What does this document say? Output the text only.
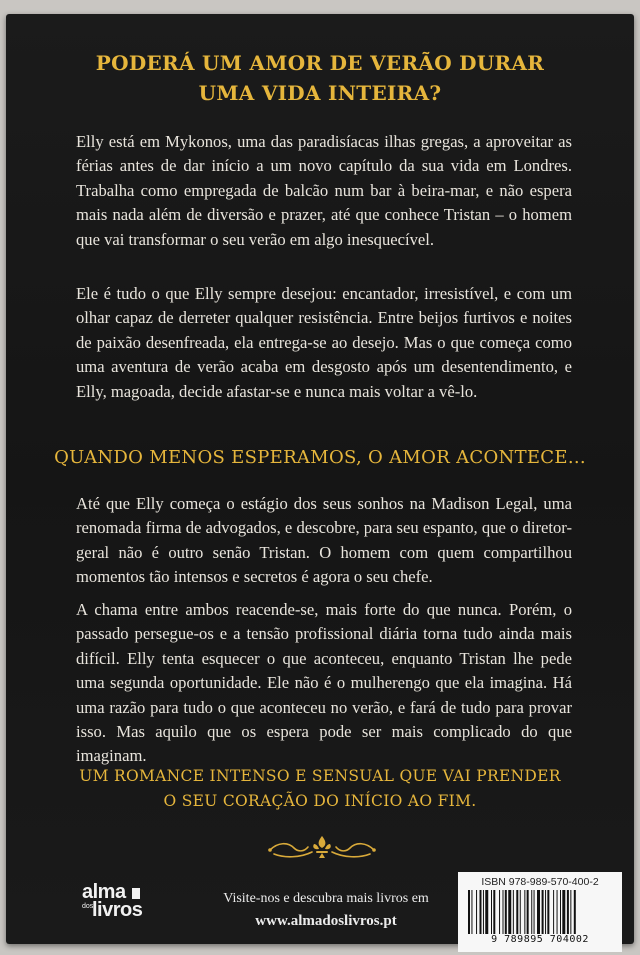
PODERÁ UM AMOR DE VERÃO DURAR
UMA VIDA INTEIRA?

Elly está em Mykonos, uma das paradisíacas ilhas gregas, a aproveitar as férias antes de dar início a um novo capítulo da sua vida em Londres. Trabalha como empregada de balcão num bar à beira-mar, e não espera mais nada além de diversão e prazer, até que conhece Tristan – o homem que vai transformar o seu verão em algo inesquecível.

Ele é tudo o que Elly sempre desejou: encantador, irresistível, e com um olhar capaz de derreter qualquer resistência. Entre beijos furtivos e noites de paixão desenfreada, ela entrega-se ao desejo. Mas o que começa como uma aventura de verão acaba em desgosto após um desentendimento, e Elly, magoada, decide afastar-se e nunca mais voltar a vê-lo.

QUANDO MENOS ESPERAMOS, O AMOR ACONTECE...

Até que Elly começa o estágio dos seus sonhos na Madison Legal, uma renomada firma de advogados, e descobre, para seu espanto, que o diretor-geral não é outro senão Tristan. O homem com quem compartilhou momentos tão intensos e secretos é agora o seu chefe.

A chama entre ambos reacende-se, mais forte do que nunca. Porém, o passado persegue-os e a tensão profissional diária torna tudo ainda mais difícil. Elly tenta esquecer o que aconteceu, enquanto Tristan lhe pede uma segunda oportunidade. Ele não é o mulherengo que ela imagina. Há uma razão para tudo o que aconteceu no verão, e fará de tudo para provar isso. Mas aquilo que os espera pode ser mais complicado do que imaginam.

UM ROMANCE INTENSO E SENSUAL QUE VAI PRENDER
O SEU CORAÇÃO DO INÍCIO AO FIM.
alma
dos
livros
Visite-nos e descubra mais livros em
www.almadoslivros.pt
ISBN 978-989-570-400-2
9 789895 704002
